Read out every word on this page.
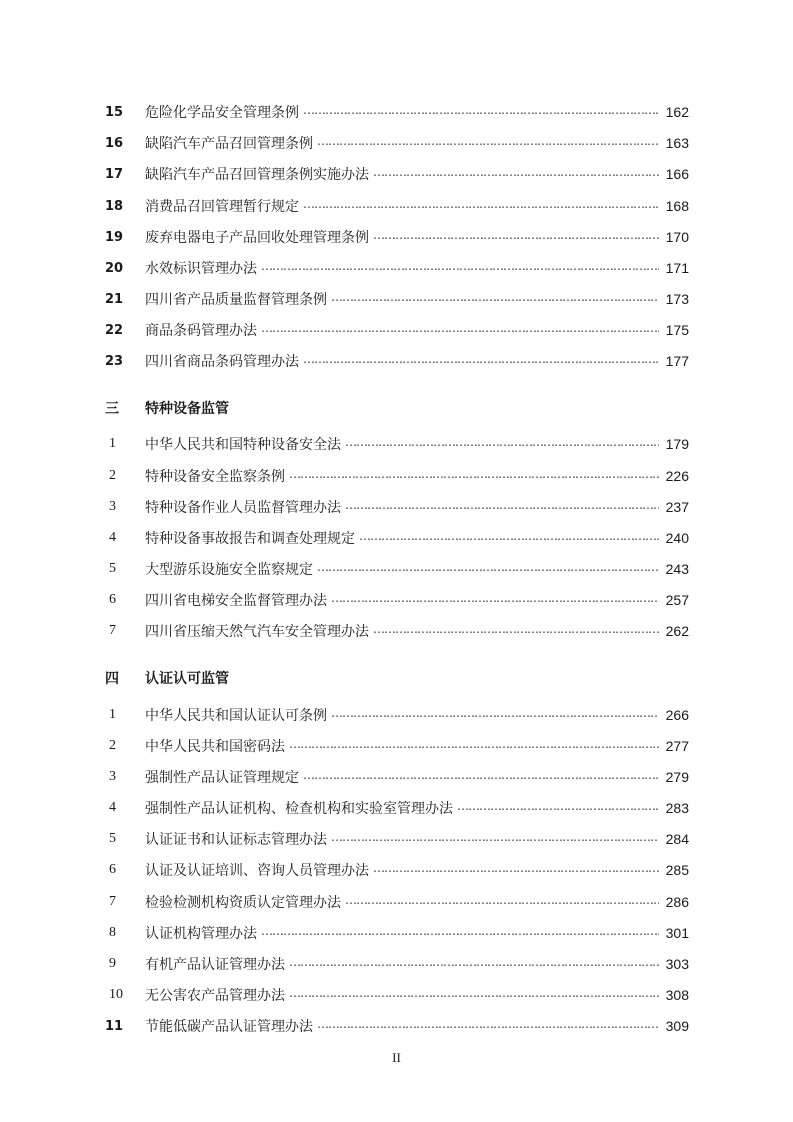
15	危险化学品安全管理条例 ……………………………………………………………………………………………………………………………………………………………………………………………	162
16	缺陷汽车产品召回管理条例 ……………………………………………………………………………………………………………………………………………………………………………………………	163
17	缺陷汽车产品召回管理条例实施办法 ……………………………………………………………………………………………………………………………………………………………………………………………	166
18	消费品召回管理暂行规定 ……………………………………………………………………………………………………………………………………………………………………………………………	168
19	废弃电器电子产品回收处理管理条例 ……………………………………………………………………………………………………………………………………………………………………………………………	170
20	水效标识管理办法 ……………………………………………………………………………………………………………………………………………………………………………………………	171
21	四川省产品质量监督管理条例 ……………………………………………………………………………………………………………………………………………………………………………………………	173
22	商品条码管理办法 ……………………………………………………………………………………………………………………………………………………………………………………………	175
23	四川省商品条码管理办法 ……………………………………………………………………………………………………………………………………………………………………………………………	177
三	特种设备监管
1	中华人民共和国特种设备安全法 ……………………………………………………………………………………………………………………………………………………………………………………………	179
2	特种设备安全监察条例 ……………………………………………………………………………………………………………………………………………………………………………………………	226
3	特种设备作业人员监督管理办法 ……………………………………………………………………………………………………………………………………………………………………………………………	237
4	特种设备事故报告和调查处理规定 ……………………………………………………………………………………………………………………………………………………………………………………………	240
5	大型游乐设施安全监察规定 ……………………………………………………………………………………………………………………………………………………………………………………………	243
6	四川省电梯安全监督管理办法 ……………………………………………………………………………………………………………………………………………………………………………………………	257
7	四川省压缩天然气汽车安全管理办法 ……………………………………………………………………………………………………………………………………………………………………………………………	262
四	认证认可监管
1	中华人民共和国认证认可条例 ……………………………………………………………………………………………………………………………………………………………………………………………	266
2	中华人民共和国密码法 ……………………………………………………………………………………………………………………………………………………………………………………………	277
3	强制性产品认证管理规定 ……………………………………………………………………………………………………………………………………………………………………………………………	279
4	强制性产品认证机构、检查机构和实验室管理办法 ……………………………………………………………………………………………………………………………………………………………………………………………	283
5	认证证书和认证标志管理办法 ……………………………………………………………………………………………………………………………………………………………………………………………	284
6	认证及认证培训、咨询人员管理办法 ……………………………………………………………………………………………………………………………………………………………………………………………	285
7	检验检测机构资质认定管理办法 ……………………………………………………………………………………………………………………………………………………………………………………………	286
8	认证机构管理办法 ……………………………………………………………………………………………………………………………………………………………………………………………	301
9	有机产品认证管理办法 ……………………………………………………………………………………………………………………………………………………………………………………………	303
10	无公害农产品管理办法 ……………………………………………………………………………………………………………………………………………………………………………………………	308
11	节能低碳产品认证管理办法 ……………………………………………………………………………………………………………………………………………………………………………………………	309
II
